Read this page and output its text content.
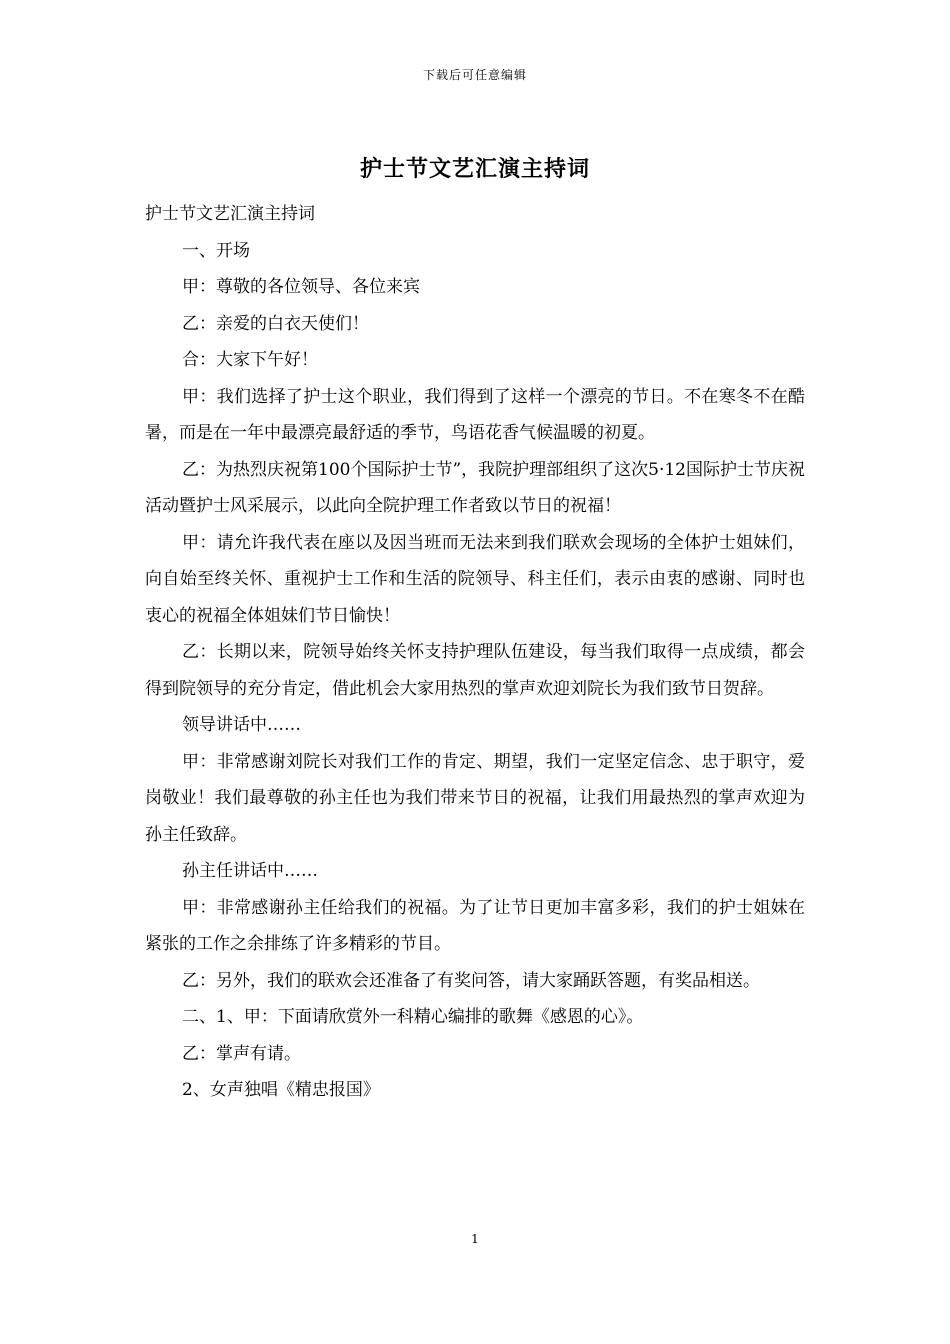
下载后可任意编辑
护士节文艺汇演主持词

护士节文艺汇演主持词

一、开场

甲：尊敬的各位领导、各位来宾

乙：亲爱的白衣天使们！

合：大家下午好！

甲：我们选择了护士这个职业，我们得到了这样一个漂亮的节日。不在寒冬不在酷暑，而是在一年中最漂亮最舒适的季节，鸟语花香气候温暖的初夏。

乙：为热烈庆祝第100个国际护士节”，我院护理部组织了这次5·12国际护士节庆祝活动暨护士风采展示，以此向全院护理工作者致以节日的祝福！

甲：请允许我代表在座以及因当班而无法来到我们联欢会现场的全体护士姐妹们，向自始至终关怀、重视护士工作和生活的院领导、科主任们，表示由衷的感谢、同时也衷心的祝福全体姐妹们节日愉快！

乙：长期以来，院领导始终关怀支持护理队伍建设，每当我们取得一点成绩，都会得到院领导的充分肯定，借此机会大家用热烈的掌声欢迎刘院长为我们致节日贺辞。

领导讲话中……

甲：非常感谢刘院长对我们工作的肯定、期望，我们一定坚定信念、忠于职守，爱岗敬业！我们最尊敬的孙主任也为我们带来节日的祝福，让我们用最热烈的掌声欢迎为孙主任致辞。

孙主任讲话中……

甲：非常感谢孙主任给我们的祝福。为了让节日更加丰富多彩，我们的护士姐妹在紧张的工作之余排练了许多精彩的节目。

乙：另外，我们的联欢会还准备了有奖问答，请大家踊跃答题，有奖品相送。

二、1、甲：下面请欣赏外一科精心编排的歌舞《感恩的心》。

乙：掌声有请。

2、女声独唱《精忠报国》

1
